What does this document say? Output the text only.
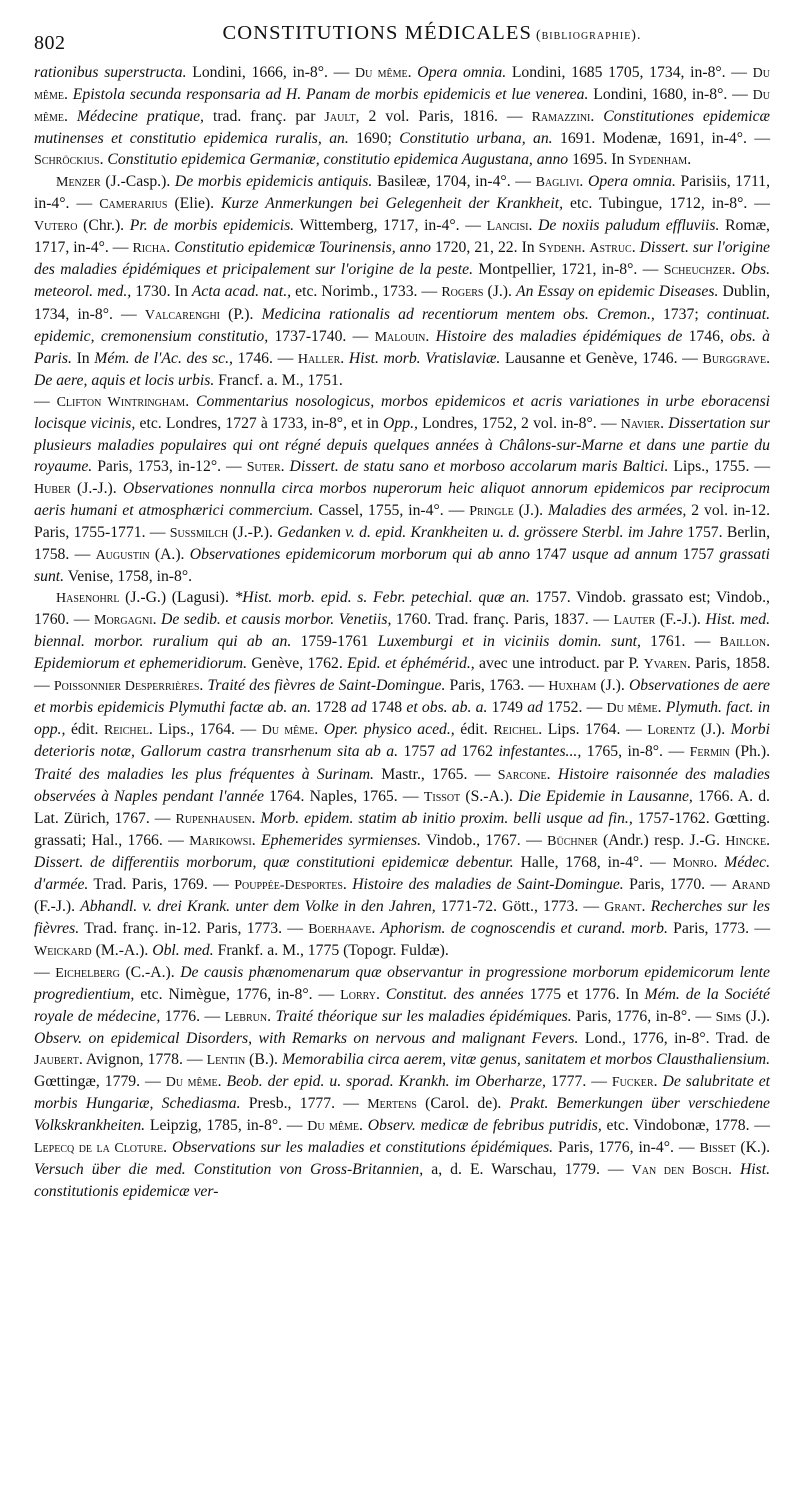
802	CONSTITUTIONS MÉDICALES
(bibliographie).

rationibus superstructa. Londini, 1666, in-8°. — Du même. Opera omnia. Londini, 1685 1705, 1734, in-8°. — Du même. Epistola secunda responsaria ad H. Panam de morbis epidemicis et lue venerea. Londini, 1680, in-8°. — Du même. Médecine pratique, trad. franç. par Jault, 2 vol. Paris, 1816. — Ramazzini. Constitutiones epidemicæ mutinenses et constitutio epidemica ruralis, an. 1690; Constitutio urbana, an. 1691. Modenæ, 1691, in-4°. — Schröckius. Constitutio epidemica Germaniæ, constitutio epidemica Augustana, anno 1695. In Sydenham.

Menzer (J.-Casp.). De morbis epidemicis antiquis. Basileæ, 1704, in-4°. — Baglivi. Opera omnia. Parisiis, 1711, in-4°. — Camerarius (Elie). Kurze Anmerkungen bei Gelegenheit der Krankheit, etc. Tubingue, 1712, in-8°. — Vutero (Chr.). Pr. de morbis epidemicis. Wittemberg, 1717, in-4°. — Lancisi. De noxiis paludum effluviis. Romæ, 1717, in-4°. — Richa. Constitutio epidemicæ Tourinensis, anno 1720, 21, 22. In Sydenh. Astruc. Dissert. sur l'origine des maladies épidémiques et pricipalement sur l'origine de la peste. Montpellier, 1721, in-8°. — Scheuchzer. Obs. meteorol. med., 1730. In Acta acad. nat., etc. Norimb., 1733. — Rogers (J.). An Essay on epidemic Diseases. Dublin, 1734, in-8°. — Valcarenghi (P.). Medicina rationalis ad recentiorum mentem obs. Cremon., 1737; continuat. epidemic, cremonensium constitutio, 1737-1740. — Malouin. Histoire des maladies épidémiques de 1746, obs. à Paris. In Mém. de l'Ac. des sc., 1746. — Haller. Hist. morb. Vratislaviæ. Lausanne et Genève, 1746. — Burggrave. De aere, aquis et locis urbis. Francf. a. M., 1751.

— Clifton Wintringham. Commentarius nosologicus, morbos epidemicos et acris variationes in urbe eboracensi locisque vicinis, etc. Londres, 1727 à 1733, in-8°, et in Opp., Londres, 1752, 2 vol. in-8°. — Navier. Dissertation sur plusieurs maladies populaires qui ont régné depuis quelques années à Châlons-sur-Marne et dans une partie du royaume. Paris, 1753, in-12°. — Suter. Dissert. de statu sano et morboso accolarum maris Baltici. Lips., 1755. — Huber (J.-J.). Observationes nonnulla circa morbos nuperorum heic aliquot annorum epidemicos par reciprocum aeris humani et atmosphærici commercium. Cassel, 1755, in-4°. — Pringle (J.). Maladies des armées, 2 vol. in-12. Paris, 1755-1771. — Sussmilch (J.-P.). Gedanken v. d. epid. Krankheiten u. d. grössere Sterbl. im Jahre 1757. Berlin, 1758. — Augustin (A.). Observationes epidemicorum morborum qui ab anno 1747 usque ad annum 1757 grassati sunt. Venise, 1758, in-8°.

Hasenohrl (J.-G.) (Lagusi). *Hist. morb. epid. s. Febr. petechial. quæ an. 1757. Vindob. grassato est; Vindob., 1760. — Morgagni. De sedib. et causis morbor. Venetiis, 1760. Trad. franç. Paris, 1837. — Lauter (F.-J.). Hist. med. biennal. morbor. ruralium qui ab an. 1759-1761 Luxemburgi et in viciniis domin. sunt, 1761. — Baillon. Epidemiorum et ephemeridiorum. Genève, 1762. Epid. et éphémérid., avec une introduct. par P. Yvaren. Paris, 1858. — Poissonnier Desperrières. Traité des fièvres de Saint-Domingue. Paris, 1763. — Huxham (J.). Observationes de aere et morbis epidemicis Plymuthi factæ ab. an. 1728 ad 1748 et obs. ab. a. 1749 ad 1752. — Du même. Plymuth. fact. in opp., édit. Reichel. Lips., 1764. — Du même. Oper. physico aced., édit. Reichel. Lips. 1764. — Lorentz (J.). Morbi deterioris notæ, Gallorum castra transrhenum sita ab a. 1757 ad 1762 infestantes..., 1765, in-8°. — Fermin (Ph.). Traité des maladies les plus fréquentes à Surinam. Mastr., 1765. — Sarcone. Histoire raisonnée des maladies observées à Naples pendant l'année 1764. Naples, 1765. — Tissot (S.-A.). Die Epidemie in Lausanne, 1766. A. d. Lat. Zürich, 1767. — Rupenhausen. Morb. epidem. statim ab initio proxim. belli usque ad fin., 1757-1762. Gœtting. grassati; Hal., 1766. — Marikowsi. Ephemerides syrmienses. Vindob., 1767. — Büchner (Andr.) resp. J.-G. Hincke. Dissert. de differentiis morborum, quæ constitutioni epidemicæ debentur. Halle, 1768, in-4°. — Monro. Médec. d'armée. Trad. Paris, 1769. — Pouppée-Desportes. Histoire des maladies de Saint-Domingue. Paris, 1770. — Arand (F.-J.). Abhandl. v. drei Krank. unter dem Volke in den Jahren, 1771-72. Gött., 1773. — Grant. Recherches sur les fièvres. Trad. franç. in-12. Paris, 1773. — Boerhaave. Aphorism. de cognoscendis et curand. morb. Paris, 1773. — Weickard (M.-A.). Obl. med. Frankf. a. M., 1775 (Topogr. Fuldæ).

— Eichelberg (C.-A.). De causis phænomenarum quæ observantur in progressione morborum epidemicorum lente progredientium, etc. Nimègue, 1776, in-8°. — Lorry. Constitut. des années 1775 et 1776. In Mém. de la Société royale de médecine, 1776. — Lebrun. Traité théorique sur les maladies épidémiques. Paris, 1776, in-8°. — Sims (J.). Observ. on epidemical Disorders, with Remarks on nervous and malignant Fevers. Lond., 1776, in-8°. Trad. de Jaubert. Avignon, 1778. — Lentin (B.). Memorabilia circa aerem, vitæ genus, sanitatem et morbos Clausthaliensium. Gœttingæ, 1779. — Du même. Beob. der epid. u. sporad. Krankh. im Oberharze, 1777. — Fucker. De salubritate et morbis Hungariæ, Schediasma. Presb., 1777. — Mertens (Carol. de). Prakt. Bemerkungen über verschiedene Volkskrankheiten. Leipzig, 1785, in-8°. — Du même. Observ. medicæ de febribus putridis, etc. Vindobonæ, 1778. — Lepecq de la Cloture. Observations sur les maladies et constitutions épidémiques. Paris, 1776, in-4°. — Bisset (K.). Versuch über die med. Constitution von Gross-Britannien, a, d. E. Warschau, 1779. — Van den Bosch. Hist. constitutionis epidemicæ ver-
